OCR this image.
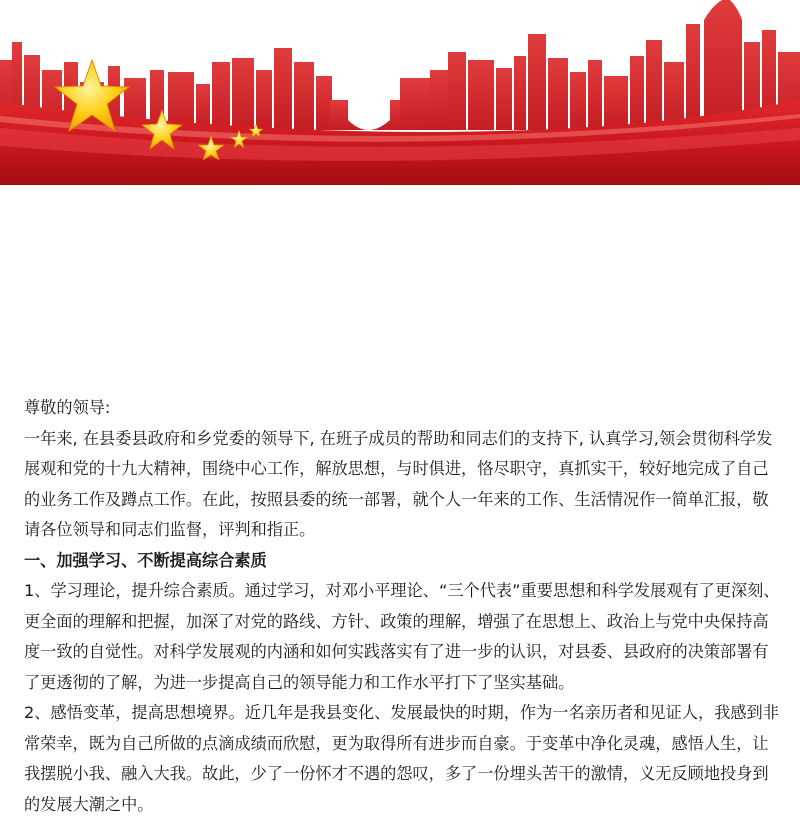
尊敬的领导:

一年来, 在县委县政府和乡党委的领导下, 在班子成员的帮助和同志们的支持下, 认真学习,领会贯彻科学发展观和党的十九大精神，围绕中心工作，解放思想，与时俱进，恪尽职守，真抓实干，较好地完成了自己的业务工作及蹲点工作。在此，按照县委的统一部署，就个人一年来的工作、生活情况作一简单汇报，敬请各位领导和同志们监督，评判和指正。

一、加强学习、不断提高综合素质

1、学习理论，提升综合素质。通过学习，对邓小平理论、“三个代表”重要思想和科学发展观有了更深刻、更全面的理解和把握，加深了对党的路线、方针、政策的理解，增强了在思想上、政治上与党中央保持高度一致的自觉性。对科学发展观的内涵和如何实践落实有了进一步的认识，对县委、县政府的决策部署有了更透彻的了解，为进一步提高自己的领导能力和工作水平打下了坚实基础。

2、感悟变革，提高思想境界。近几年是我县变化、发展最快的时期，作为一名亲历者和见证人，我感到非常荣幸，既为自己所做的点滴成绩而欣慰，更为取得所有进步而自豪。于变革中净化灵魂，感悟人生，让我摆脱小我、融入大我。故此，少了一份怀才不遇的怨叹，多了一份埋头苦干的激情，义无反顾地投身到的发展大潮之中。
